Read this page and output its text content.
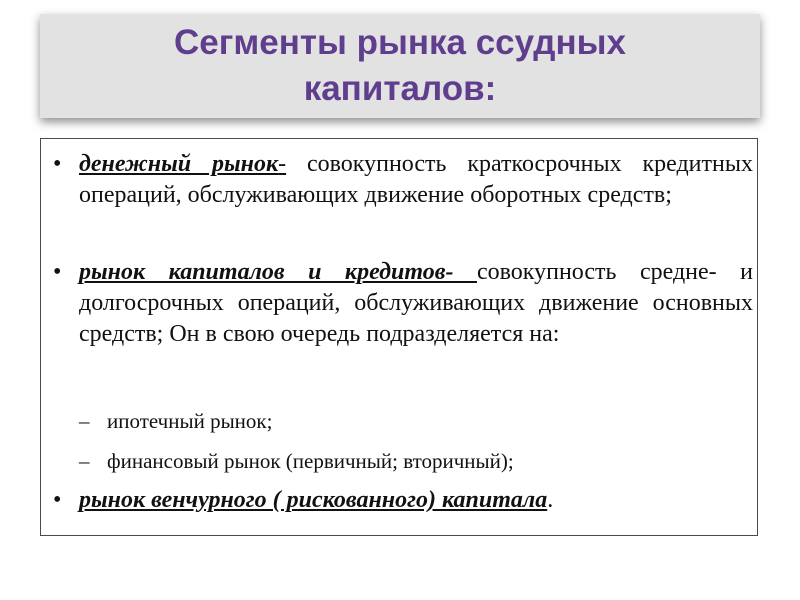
Сегменты рынка ссудных капиталов:
• денежный рынок- совокупность краткосрочных кредитных операций, обслуживающих движение оборотных средств;
• рынок капиталов и кредитов- совокупность средне- и долгосрочных операций, обслуживающих движение основных средств; Он в свою очередь подразделяется на:
– ипотечный рынок;
– финансовый рынок (первичный; вторичный);
• рынок венчурного ( рискованного) капитала.
